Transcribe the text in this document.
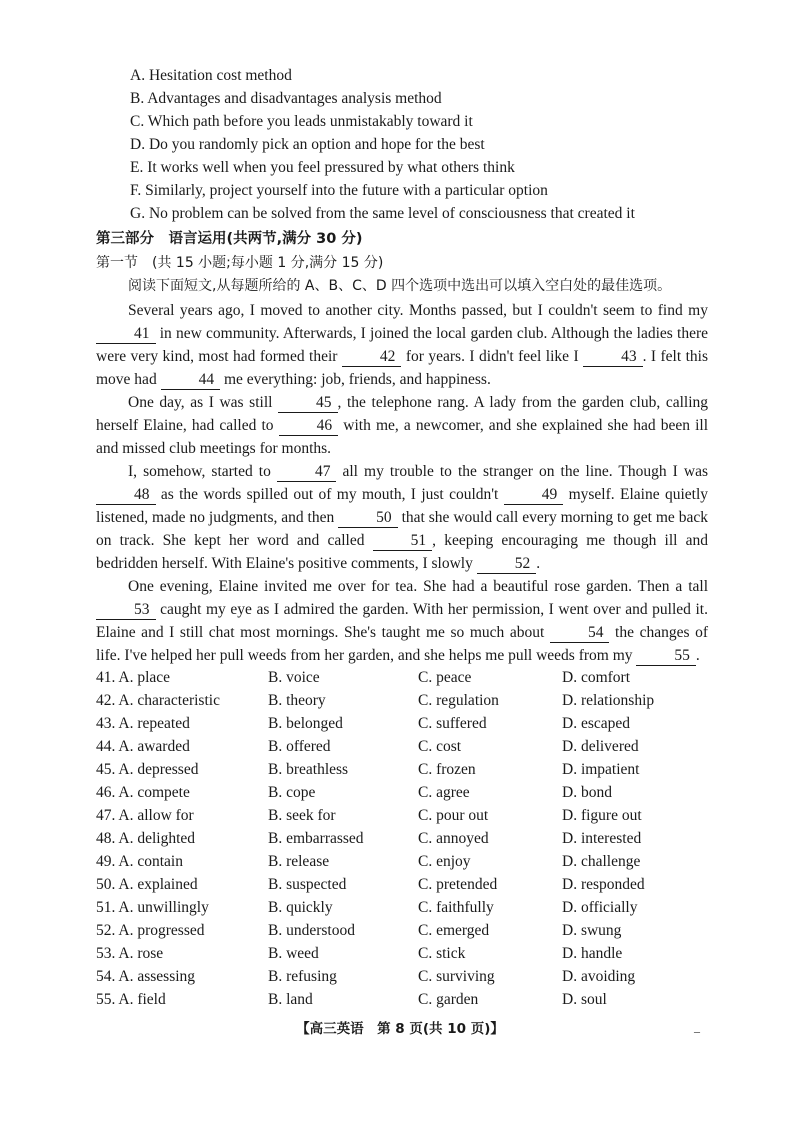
A. Hesitation cost method
B. Advantages and disadvantages analysis method
C. Which path before you leads unmistakably toward it
D. Do you randomly pick an option and hope for the best
E. It works well when you feel pressured by what others think
F. Similarly, project yourself into the future with a particular option
G. No problem can be solved from the same level of consciousness that created it
第三部分　语言运用(共两节,满分 30 分)
第一节　(共 15 小题;每小题 1 分,满分 15 分)
阅读下面短文,从每题所给的 A、B、C、D 四个选项中选出可以填入空白处的最佳选项。
Several years ago, I moved to another city. Months passed, but I couldn't seem to find my 41 in new community. Afterwards, I joined the local garden club. Although the ladies there were very kind, most had formed their	42 for years. I didn't feel like I	43 . I felt this move had	44 me everything: job, friends, and happiness.
One day, as I was still	45 , the telephone rang. A lady from the garden club, calling herself Elaine, had called to	46 with me, a newcomer, and she explained she had been ill and missed club meetings for months.
I, somehow, started to	47 all my trouble to the stranger on the line. Though I was 48 as the words spilled out of my mouth, I just couldn't	49 myself. Elaine quietly listened, made no judgments, and then	50 that she would call every morning to get me back on track. She kept her word and called	51 , keeping encouraging me though ill and bedridden herself. With Elaine's positive comments, I slowly	52 .
One evening, Elaine invited me over for tea. She had a beautiful rose garden. Then a tall 53 caught my eye as I admired the garden. With her permission, I went over and pulled it. Elaine and I still chat most mornings. She's taught me so much about	54 the changes of life. I've helped her pull weeds from her garden, and she helps me pull weeds from my	55 .
41. A. place	B. voice	C. peace	D. comfort
42. A. characteristic	B. theory	C. regulation	D. relationship
43. A. repeated	B. belonged	C. suffered	D. escaped
44. A. awarded	B. offered	C. cost	D. delivered
45. A. depressed	B. breathless	C. frozen	D. impatient
46. A. compete	B. cope	C. agree	D. bond
47. A. allow for	B. seek for	C. pour out	D. figure out
48. A. delighted	B. embarrassed	C. annoyed	D. interested
49. A. contain	B. release	C. enjoy	D. challenge
50. A. explained	B. suspected	C. pretended	D. responded
51. A. unwillingly	B. quickly	C. faithfully	D. officially
52. A. progressed	B. understood	C. emerged	D. swung
53. A. rose	B. weed	C. stick	D. handle
54. A. assessing	B. refusing	C. surviving	D. avoiding
55. A. field	B. land	C. garden	D. soul
【高三英语　第 8 页(共 10 页)】	–
